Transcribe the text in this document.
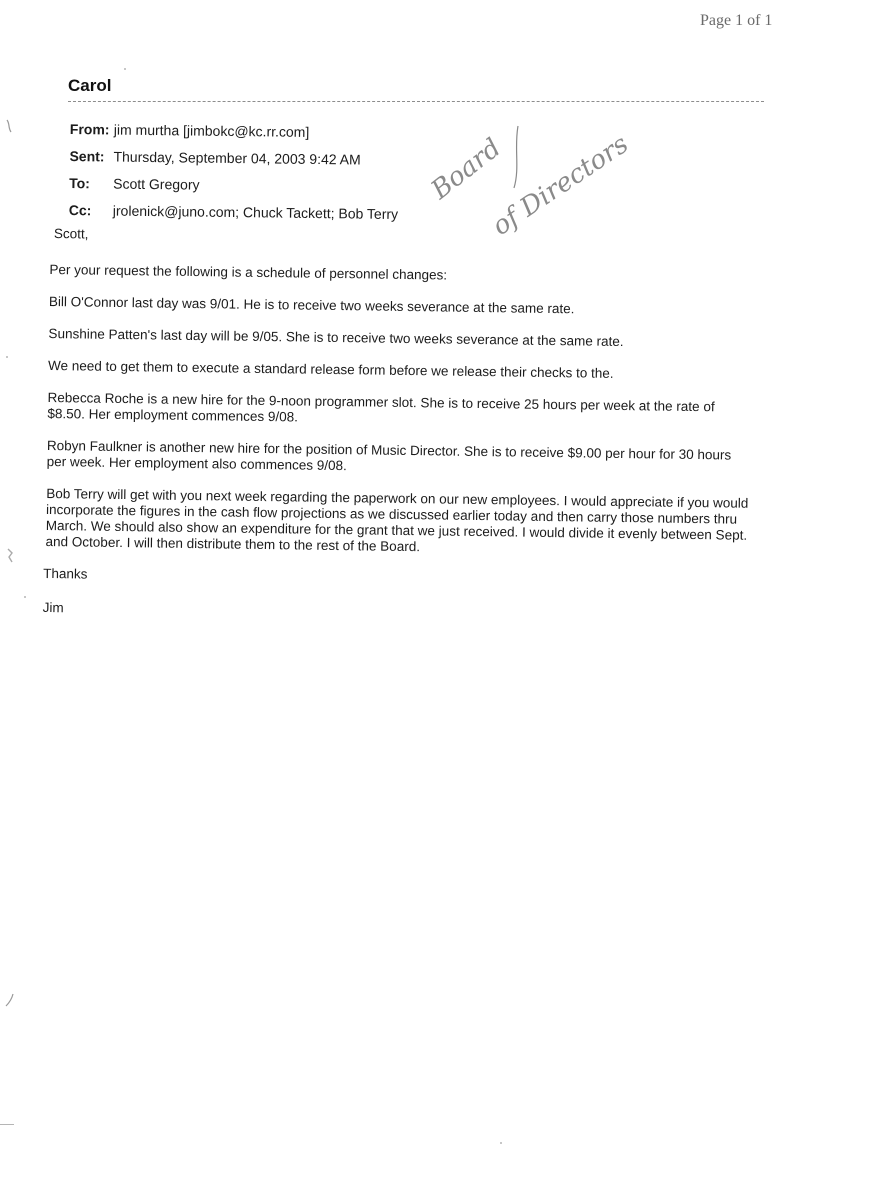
Page 1 of 1
Carol
From: jim murtha [jimbokc@kc.rr.com]
Sent: Thursday, September 04, 2003 9:42 AM
To:	Scott Gregory
Cc:	jrolenick@juno.com; Chuck Tackett; Bob Terry
Board
of Directors

Scott,

Per your request the following is a schedule of personnel changes:

Bill O'Connor last day was 9/01. He is to receive two weeks severance at the same rate.

Sunshine Patten's last day will be 9/05. She is to receive two weeks severance at the same rate.

We need to get them to execute a standard release form before we release their checks to the.

Rebecca Roche is a new hire for the 9-noon programmer slot. She is to receive 25 hours per week at the rate of $8.50. Her employment commences 9/08.

Robyn Faulkner is another new hire for the position of Music Director. She is to receive $9.00 per hour for 30 hours per week. Her employment also commences 9/08.

Bob Terry will get with you next week regarding the paperwork on our new employees. I would appreciate if you would incorporate the figures in the cash flow projections as we discussed earlier today and then carry those numbers thru March. We should also show an expenditure for the grant that we just received. I would divide it evenly between Sept. and October. I will then distribute them to the rest of the Board.

Thanks

Jim
